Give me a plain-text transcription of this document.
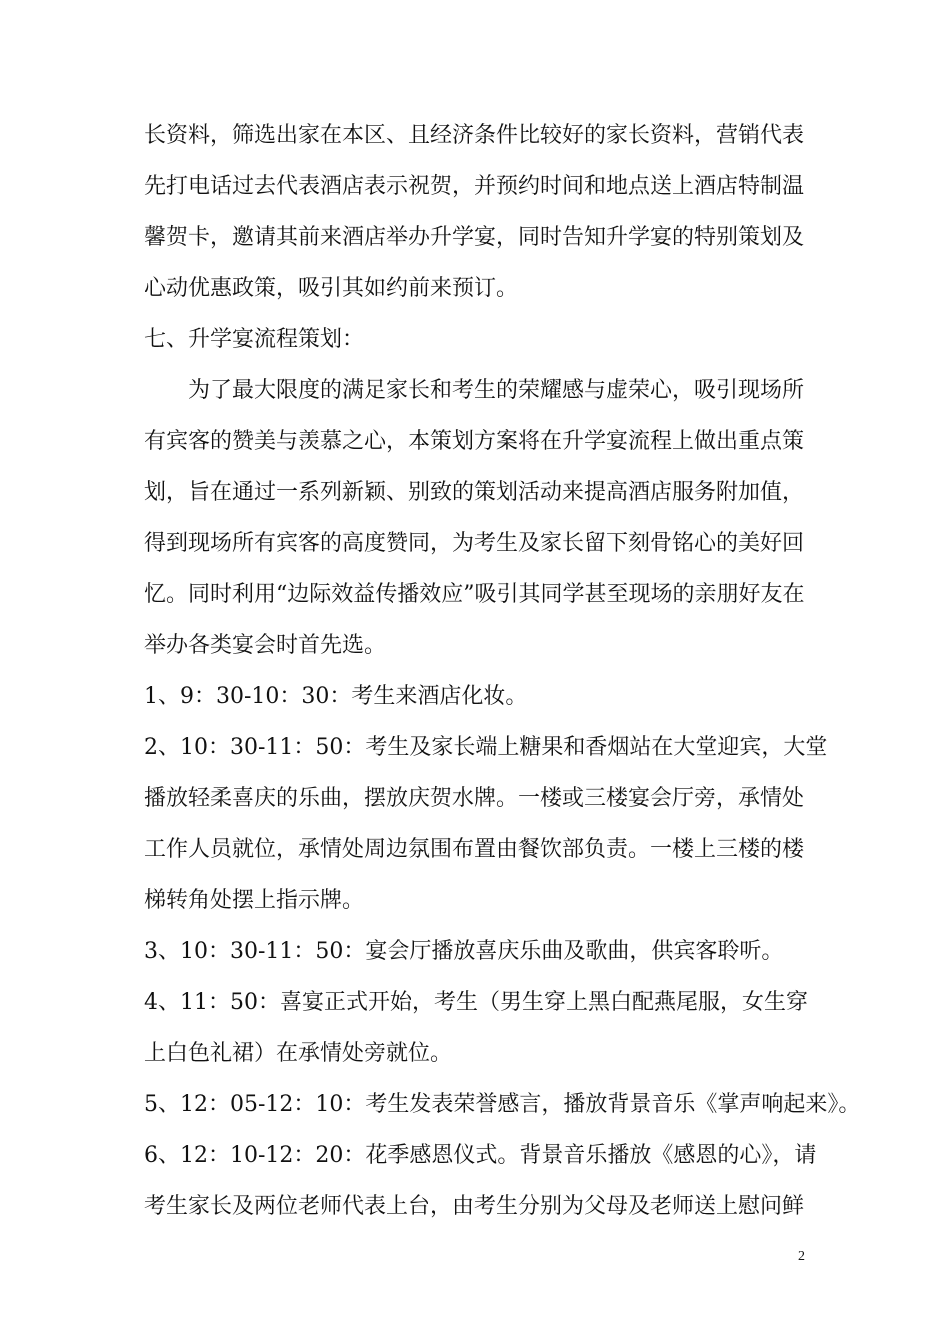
长资料，筛选出家在本区、且经济条件比较好的家长资料，营销代表
先打电话过去代表酒店表示祝贺，并预约时间和地点送上酒店特制温
馨贺卡，邀请其前来酒店举办升学宴，同时告知升学宴的特别策划及
心动优惠政策，吸引其如约前来预订。
七、升学宴流程策划：
为了最大限度的满足家长和考生的荣耀感与虚荣心，吸引现场所
有宾客的赞美与羡慕之心，本策划方案将在升学宴流程上做出重点策
划，旨在通过一系列新颖、别致的策划活动来提高酒店服务附加值，
得到现场所有宾客的高度赞同，为考生及家长留下刻骨铭心的美好回
忆。同时利用“边际效益传播效应”吸引其同学甚至现场的亲朋好友在
举办各类宴会时首先选。
1、9：30-10：30：考生来酒店化妆。
2、10：30-11：50：考生及家长端上糖果和香烟站在大堂迎宾，大堂
播放轻柔喜庆的乐曲，摆放庆贺水牌。一楼或三楼宴会厅旁，承情处
工作人员就位，承情处周边氛围布置由餐饮部负责。一楼上三楼的楼
梯转角处摆上指示牌。
3、10：30-11：50：宴会厅播放喜庆乐曲及歌曲，供宾客聆听。
4、11：50：喜宴正式开始，考生（男生穿上黑白配燕尾服，女生穿
上白色礼裙）在承情处旁就位。
5、12：05-12：10：考生发表荣誉感言，播放背景音乐《掌声响起来》。
6、12：10-12：20：花季感恩仪式。背景音乐播放《感恩的心》，请
考生家长及两位老师代表上台，由考生分别为父母及老师送上慰问鲜
2
